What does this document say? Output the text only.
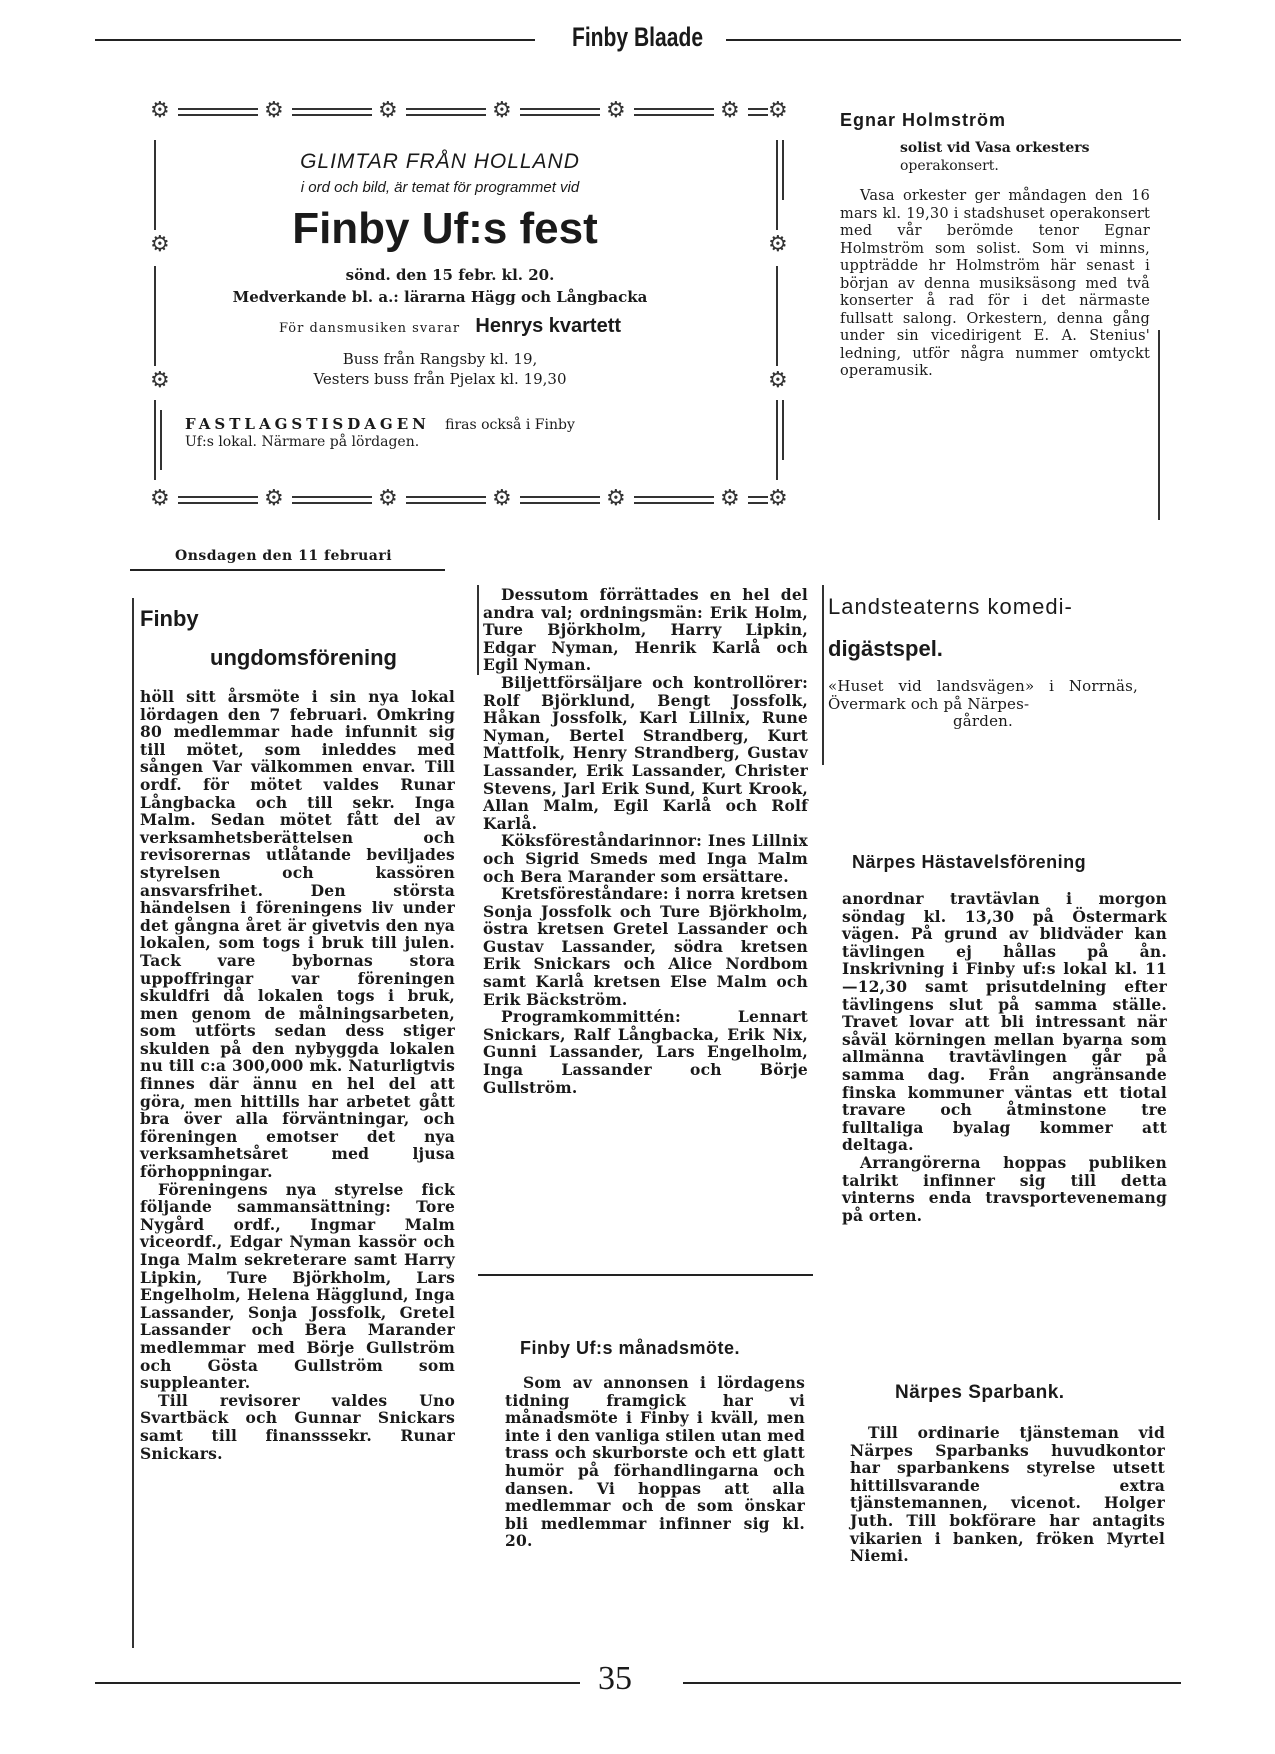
Finby Blaade
⚙	⚙	⚙	⚙	⚙	⚙ ⚙
⚙
⚙
⚙
⚙
⚙	⚙	⚙	⚙	⚙	⚙ ⚙
GLIMTAR FRÅN HOLLAND
i ord och bild, är temat för programmet vid
Finby Uf:s fest
sönd. den 15 febr. kl. 20.
Medverkande bl. a.: lärarna Hägg och Långbacka
För dansmusiken svarar Henrys kvartett
Buss från Rangsby kl. 19,
Vesters buss från Pjelax kl. 19,30
FASTLAGSTISDAGEN firas också i Finby
Uf:s lokal. Närmare på lördagen.
Egnar Holmström
solist vid Vasa orkesters
operakonsert.

Vasa orkester ger måndagen den 16 mars kl. 19,30 i stadshuset operakonsert med vår berömde tenor Egnar Holmström som solist. Som vi minns, uppträdde hr Holmström här senast i början av denna musiksäsong med två konserter å rad för i det närmaste fullsatt salong. Orkestern, denna gång under sin vicedirigent E. A. Stenius' ledning, utför några nummer omtyckt operamusik.

Onsdagen den 11 februari
Finby
ungdomsförening

höll sitt årsmöte i sin nya lokal lördagen den 7 februari. Omkring 80 medlemmar hade infunnit sig till mötet, som inleddes med sången Var välkommen envar. Till ordf. för mötet valdes Runar Långbacka och till sekr. Inga Malm. Sedan mötet fått del av verksamhetsberättelsen och revisorernas utlåtande beviljades styrelsen och kassören ansvarsfrihet. Den största händelsen i föreningens liv under det gångna året är givetvis den nya lokalen, som togs i bruk till julen. Tack vare bybornas stora uppoffringar var föreningen skuldfri då lokalen togs i bruk, men genom de målningsarbeten, som utförts sedan dess stiger skulden på den nybyggda lokalen nu till c:a 300,000 mk. Naturligtvis finnes där ännu en hel del att göra, men hittills har arbetet gått bra över alla förväntningar, och föreningen emotser det nya verksamhetsåret med ljusa förhoppningar.

Föreningens nya styrelse fick följande sammansättning: Tore Nygård ordf., Ingmar Malm viceordf., Edgar Nyman kassör och Inga Malm sekreterare samt Harry Lipkin, Ture Björkholm, Lars Engelholm, Helena Hägglund, Inga Lassander, Sonja Jossfolk, Gretel Lassander och Bera Marander medlemmar med Börje Gullström och Gösta Gullström som suppleanter.

Till revisorer valdes Uno Svartbäck och Gunnar Snickars samt till finansssekr. Runar Snickars.

Dessutom förrättades en hel del andra val; ordningsmän: Erik Holm, Ture Björkholm, Harry Lipkin, Edgar Nyman, Henrik Karlå och Egil Nyman.

Biljettförsäljare och kontrollörer: Rolf Björklund, Bengt Jossfolk, Håkan Jossfolk, Karl Lillnix, Rune Nyman, Bertel Strandberg, Kurt Mattfolk, Henry Strandberg, Gustav Lassander, Erik Lassander, Christer Stevens, Jarl Erik Sund, Kurt Krook, Allan Malm, Egil Karlå och Rolf Karlå.

Köksföreståndarinnor: Ines Lillnix och Sigrid Smeds med Inga Malm och Bera Marander som ersättare.

Kretsföreståndare: i norra kretsen Sonja Jossfolk och Ture Björkholm, östra kretsen Gretel Lassander och Gustav Lassander, södra kretsen Erik Snickars och Alice Nordbom samt Karlå kretsen Else Malm och Erik Bäckström.

Programkommittén: Lennart Snickars, Ralf Långbacka, Erik Nix, Gunni Lassander, Lars Engelholm, Inga Lassander och Börje Gullström.

Finby Uf:s månadsmöte.

Som av annonsen i lördagens tidning framgick har vi månadsmöte i Finby i kväll, men inte i den vanliga stilen utan med trass och skurborste och ett glatt humör på förhandlingarna och dansen. Vi hoppas att alla medlemmar och de som önskar bli medlemmar infinner sig kl. 20.

Landsteaterns komedi-
digästspel.

«Huset vid landsvägen» i Norrnäs, Övermark och på Närpes-

gården.

Närpes Hästavelsförening

anordnar travtävlan i morgon söndag kl. 13,30 på Östermark vägen. På grund av blidväder kan tävlingen ej hållas på ån. Inskrivning i Finby uf:s lokal kl. 11—12,30 samt prisutdelning efter tävlingens slut på samma ställe. Travet lovar att bli intressant när såväl körningen mellan byarna som allmänna travtävlingen går på samma dag. Från angränsande finska kommuner väntas ett tiotal travare och åtminstone tre fulltaliga byalag kommer att deltaga.

Arrangörerna hoppas publiken talrikt infinner sig till detta vinterns enda travsportevenemang på orten.

Närpes Sparbank.

Till ordinarie tjänsteman vid Närpes Sparbanks huvudkontor har sparbankens styrelse utsett hittillsvarande extra tjänstemannen, vicenot. Holger Juth. Till bokförare har antagits vikarien i banken, fröken Myrtel Niemi.

35
